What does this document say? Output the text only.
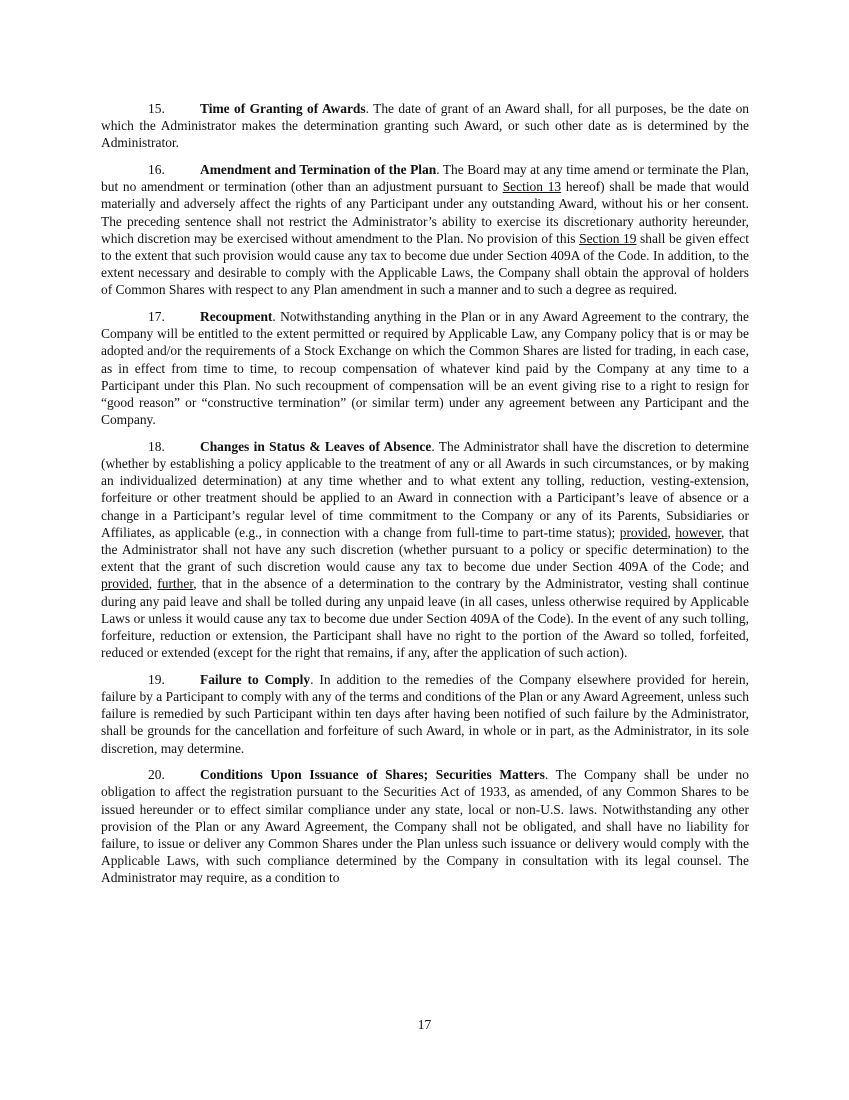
15.	Time of Granting of Awards. The date of grant of an Award shall, for all purposes, be the date on which the Administrator makes the determination granting such Award, or such other date as is determined by the Administrator.

16.	Amendment and Termination of the Plan. The Board may at any time amend or terminate the Plan, but no amendment or termination (other than an adjustment pursuant to Section 13 hereof) shall be made that would materially and adversely affect the rights of any Participant under any outstanding Award, without his or her consent. The preceding sentence shall not restrict the Administrator’s ability to exercise its discretionary authority hereunder, which discretion may be exercised without amendment to the Plan. No provision of this Section 19 shall be given effect to the extent that such provision would cause any tax to become due under Section 409A of the Code. In addition, to the extent necessary and desirable to comply with the Applicable Laws, the Company shall obtain the approval of holders of Common Shares with respect to any Plan amendment in such a manner and to such a degree as required.

17.	Recoupment. Notwithstanding anything in the Plan or in any Award Agreement to the contrary, the Company will be entitled to the extent permitted or required by Applicable Law, any Company policy that is or may be adopted and/or the requirements of a Stock Exchange on which the Common Shares are listed for trading, in each case, as in effect from time to time, to recoup compensation of whatever kind paid by the Company at any time to a Participant under this Plan. No such recoupment of compensation will be an event giving rise to a right to resign for “good reason” or “constructive termination” (or similar term) under any agreement between any Participant and the Company.

18.	Changes in Status & Leaves of Absence. The Administrator shall have the discretion to determine (whether by establishing a policy applicable to the treatment of any or all Awards in such circumstances, or by making an individualized determination) at any time whether and to what extent any tolling, reduction, vesting-extension, forfeiture or other treatment should be applied to an Award in connection with a Participant’s leave of absence or a change in a Participant’s regular level of time commitment to the Company or any of its Parents, Subsidiaries or Affiliates, as applicable (e.g., in connection with a change from full-time to part-time status); provided, however, that the Administrator shall not have any such discretion (whether pursuant to a policy or specific determination) to the extent that the grant of such discretion would cause any tax to become due under Section 409A of the Code; and provided, further, that in the absence of a determination to the contrary by the Administrator, vesting shall continue during any paid leave and shall be tolled during any unpaid leave (in all cases, unless otherwise required by Applicable Laws or unless it would cause any tax to become due under Section 409A of the Code). In the event of any such tolling, forfeiture, reduction or extension, the Participant shall have no right to the portion of the Award so tolled, forfeited, reduced or extended (except for the right that remains, if any, after the application of such action).

19.	Failure to Comply. In addition to the remedies of the Company elsewhere provided for herein, failure by a Participant to comply with any of the terms and conditions of the Plan or any Award Agreement, unless such failure is remedied by such Participant within ten days after having been notified of such failure by the Administrator, shall be grounds for the cancellation and forfeiture of such Award, in whole or in part, as the Administrator, in its sole discretion, may determine.

20.	Conditions Upon Issuance of Shares; Securities Matters. The Company shall be under no obligation to affect the registration pursuant to the Securities Act of 1933, as amended, of any Common Shares to be issued hereunder or to effect similar compliance under any state, local or non-U.S. laws. Notwithstanding any other provision of the Plan or any Award Agreement, the Company shall not be obligated, and shall have no liability for failure, to issue or deliver any Common Shares under the Plan unless such issuance or delivery would comply with the Applicable Laws, with such compliance determined by the Company in consultation with its legal counsel. The Administrator may require, as a condition to

17
